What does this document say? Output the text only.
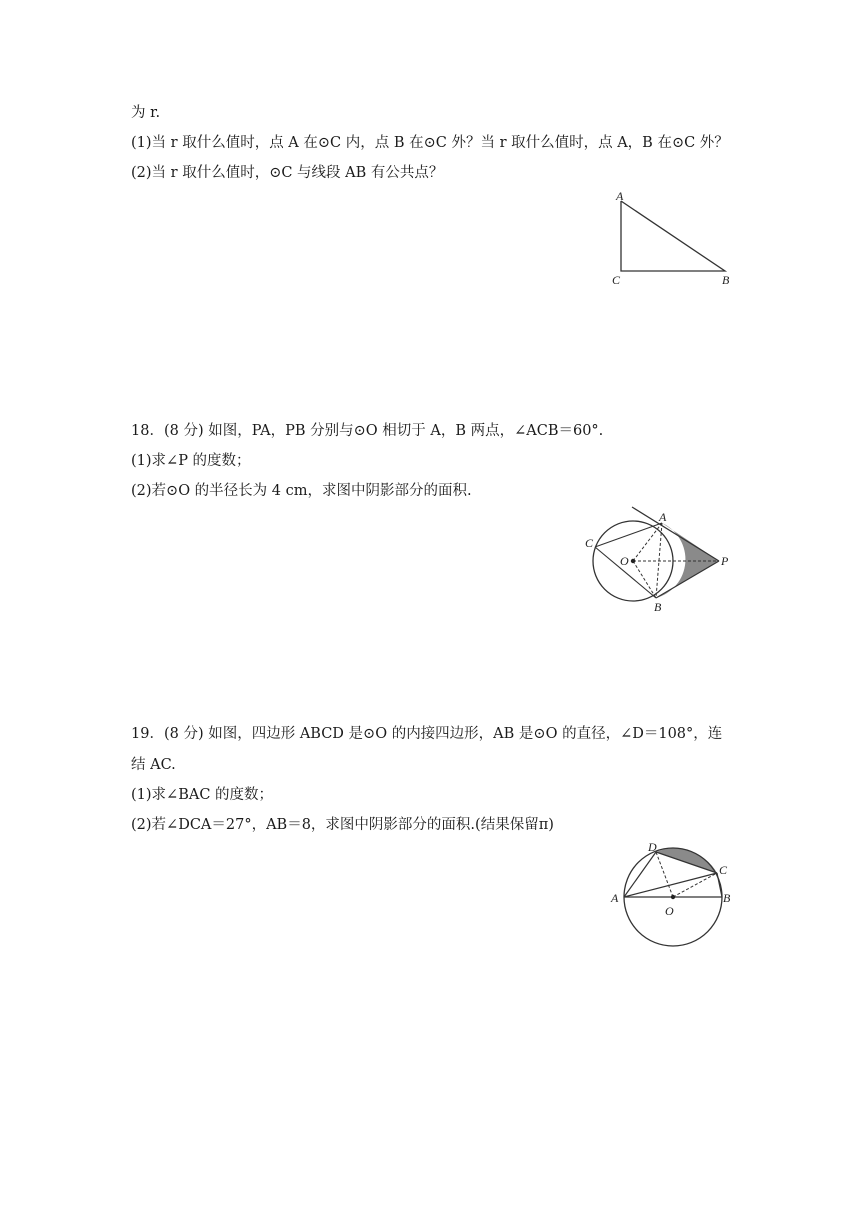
为 r.

(1)当 r 取什么值时，点 A 在⊙C 内，点 B 在⊙C 外？当 r 取什么值时，点 A，B 在⊙C 外？

(2)当 r 取什么值时，⊙C 与线段 AB 有公共点？

A
C	B

18．(8 分) 如图，PA，PB 分别与⊙O 相切于 A，B 两点，∠ACB＝60°.

(1)求∠P 的度数；

(2)若⊙O 的半径长为 4 cm，求图中阴影部分的面积.

A
C
O	P
B

19．(8 分) 如图，四边形 ABCD 是⊙O 的内接四边形，AB 是⊙O 的直径，∠D＝108°，连

结 AC.

(1)求∠BAC 的度数；

(2)若∠DCA＝27°，AB＝8，求图中阴影部分的面积.(结果保留π)

D
C
A	B
O
